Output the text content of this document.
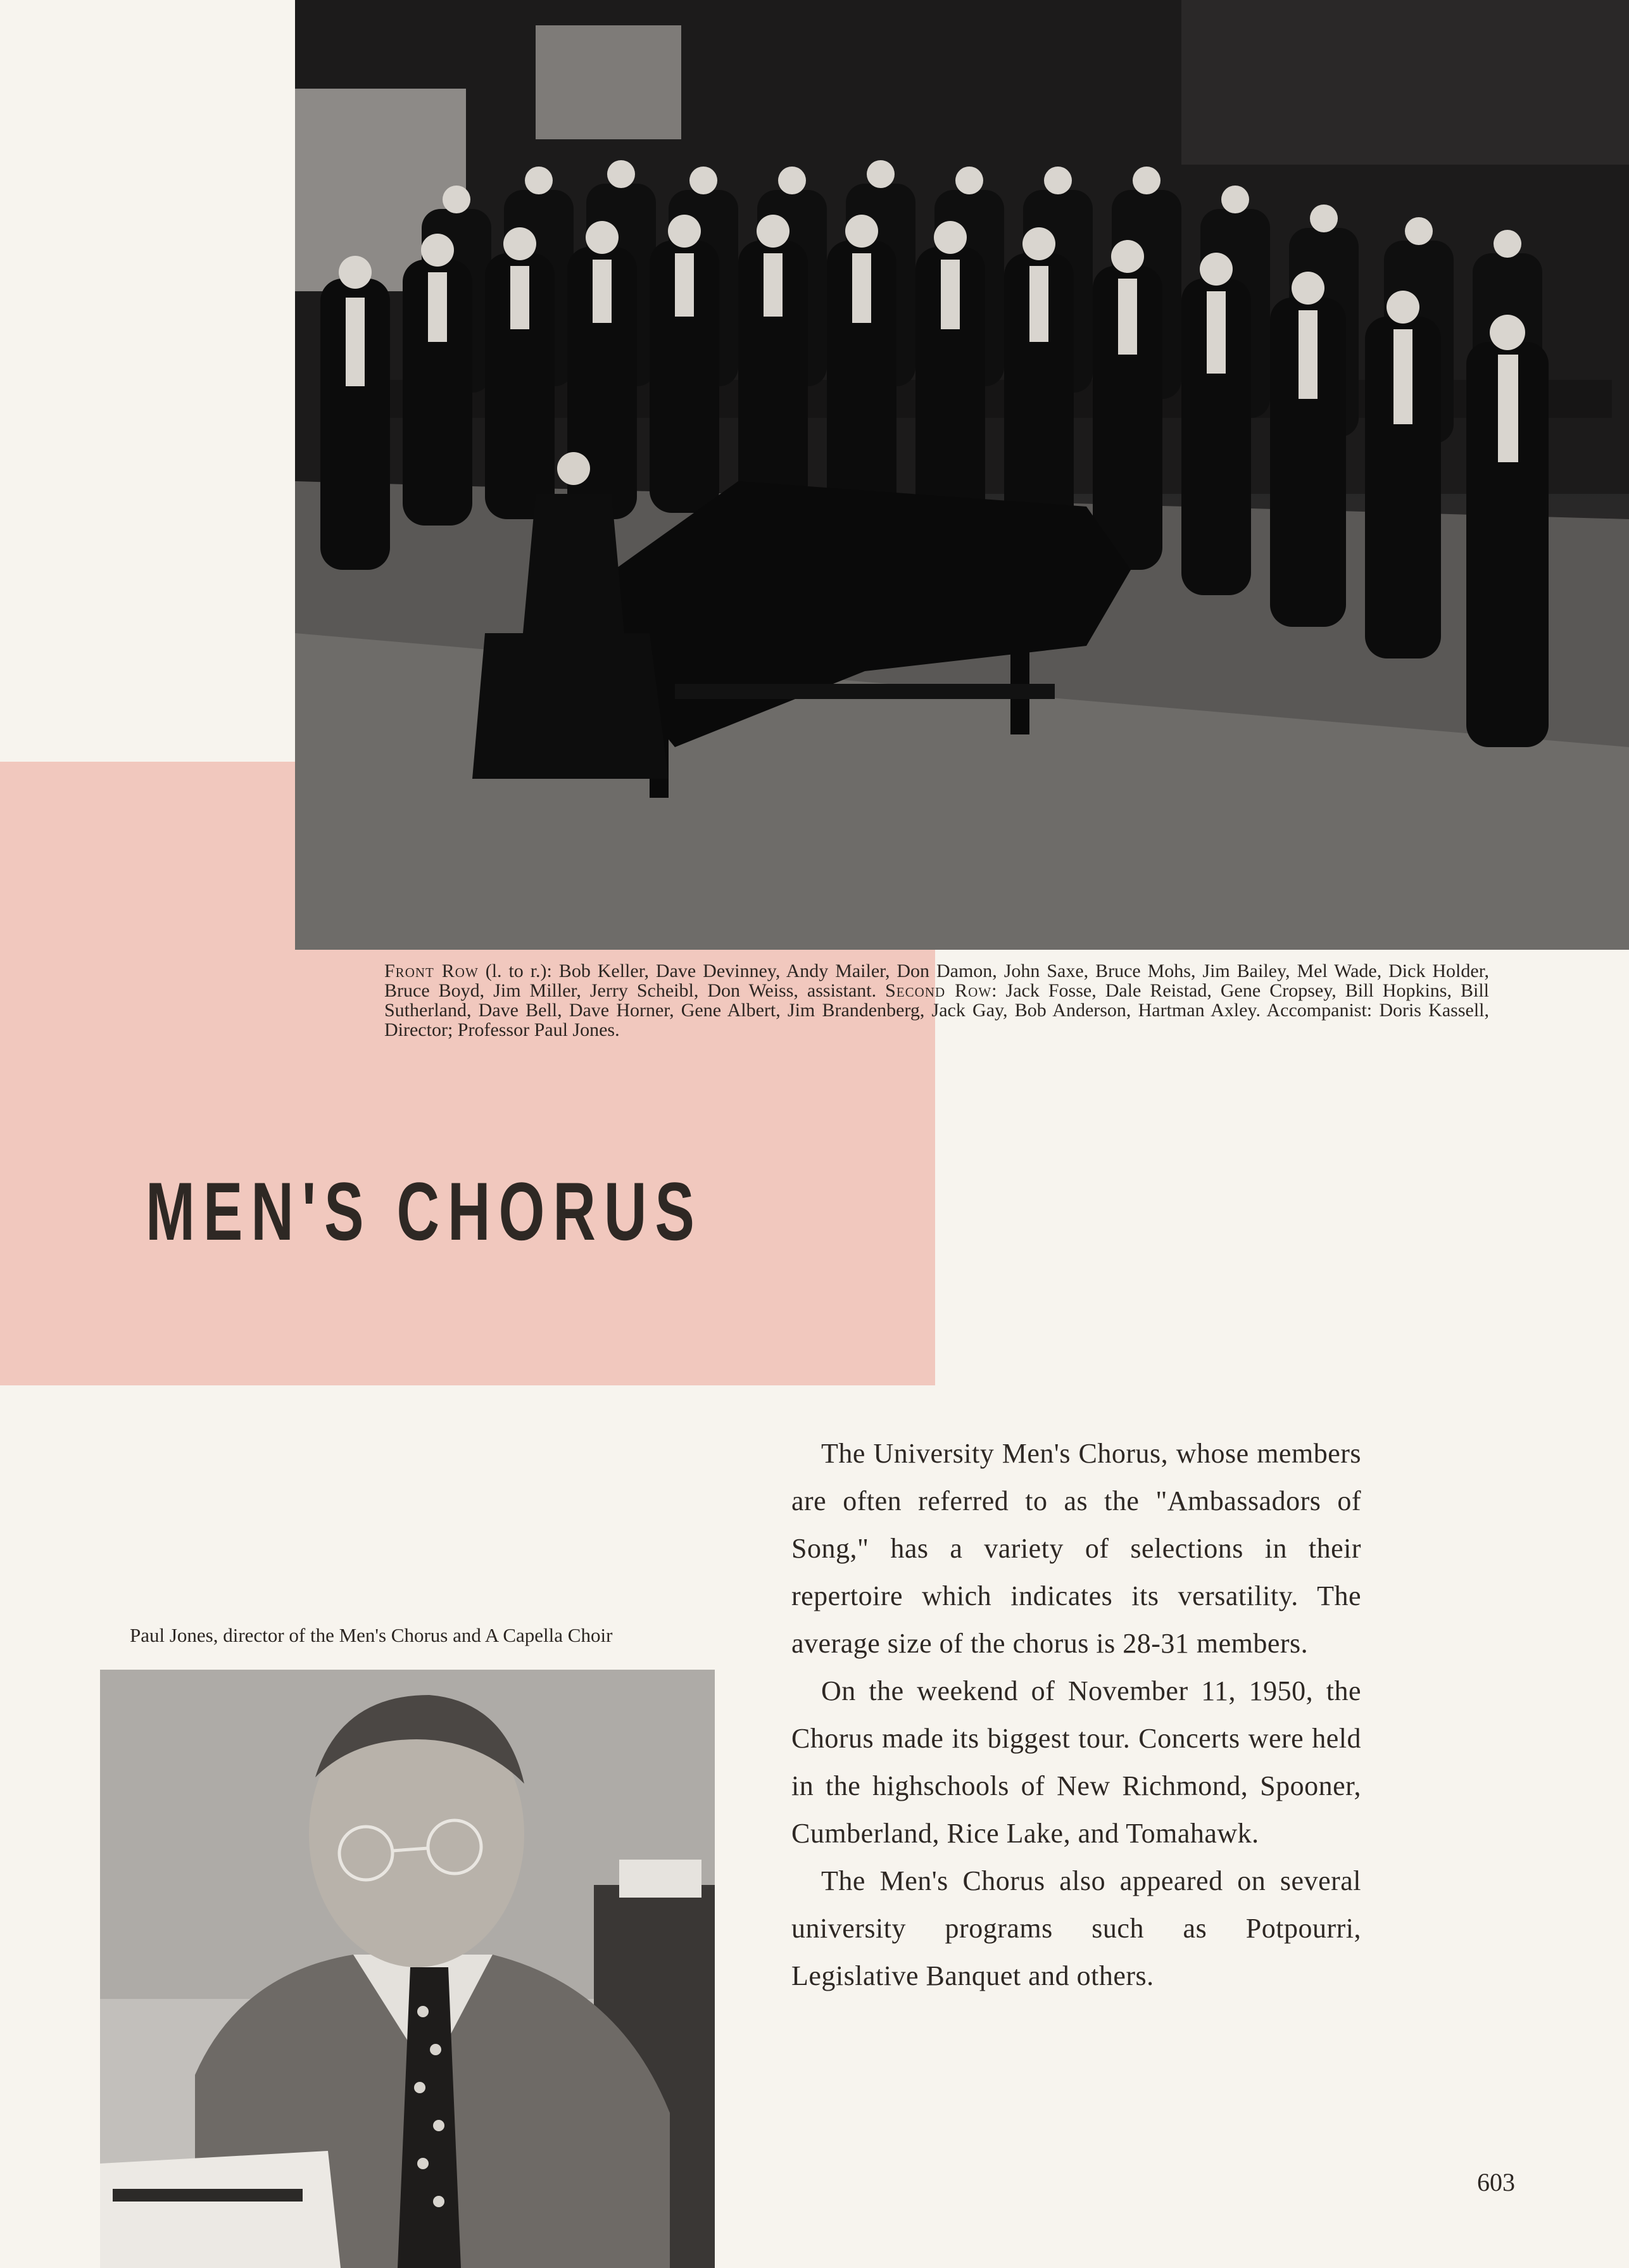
Front Row (l. to r.): Bob Keller, Dave Devinney, Andy Mailer, Don Damon, John Saxe, Bruce Mohs, Jim Bailey, Mel Wade, Dick Holder, Bruce Boyd, Jim Miller, Jerry Scheibl, Don Weiss, assistant. Second Row: Jack Fosse, Dale Reistad, Gene Cropsey, Bill Hopkins, Bill Sutherland, Dave Bell, Dave Horner, Gene Albert, Jim Brandenberg, Jack Gay, Bob Anderson, Hartman Axley. Accompanist: Doris Kassell, Director; Professor Paul Jones.
MEN'S CHORUS
Paul Jones, director of the Men's Chorus and A Capella Choir

The University Men's Chorus, whose members are often referred to as the "Ambassadors of Song," has a variety of selections in their repertoire which indicates its versatility. The average size of the chorus is 28-31 members.

On the weekend of November 11, 1950, the Chorus made its biggest tour. Concerts were held in the highschools of New Richmond, Spooner, Cumberland, Rice Lake, and Tomahawk.

The Men's Chorus also appeared on several university programs such as Potpourri, Legislative Banquet and others.

603
